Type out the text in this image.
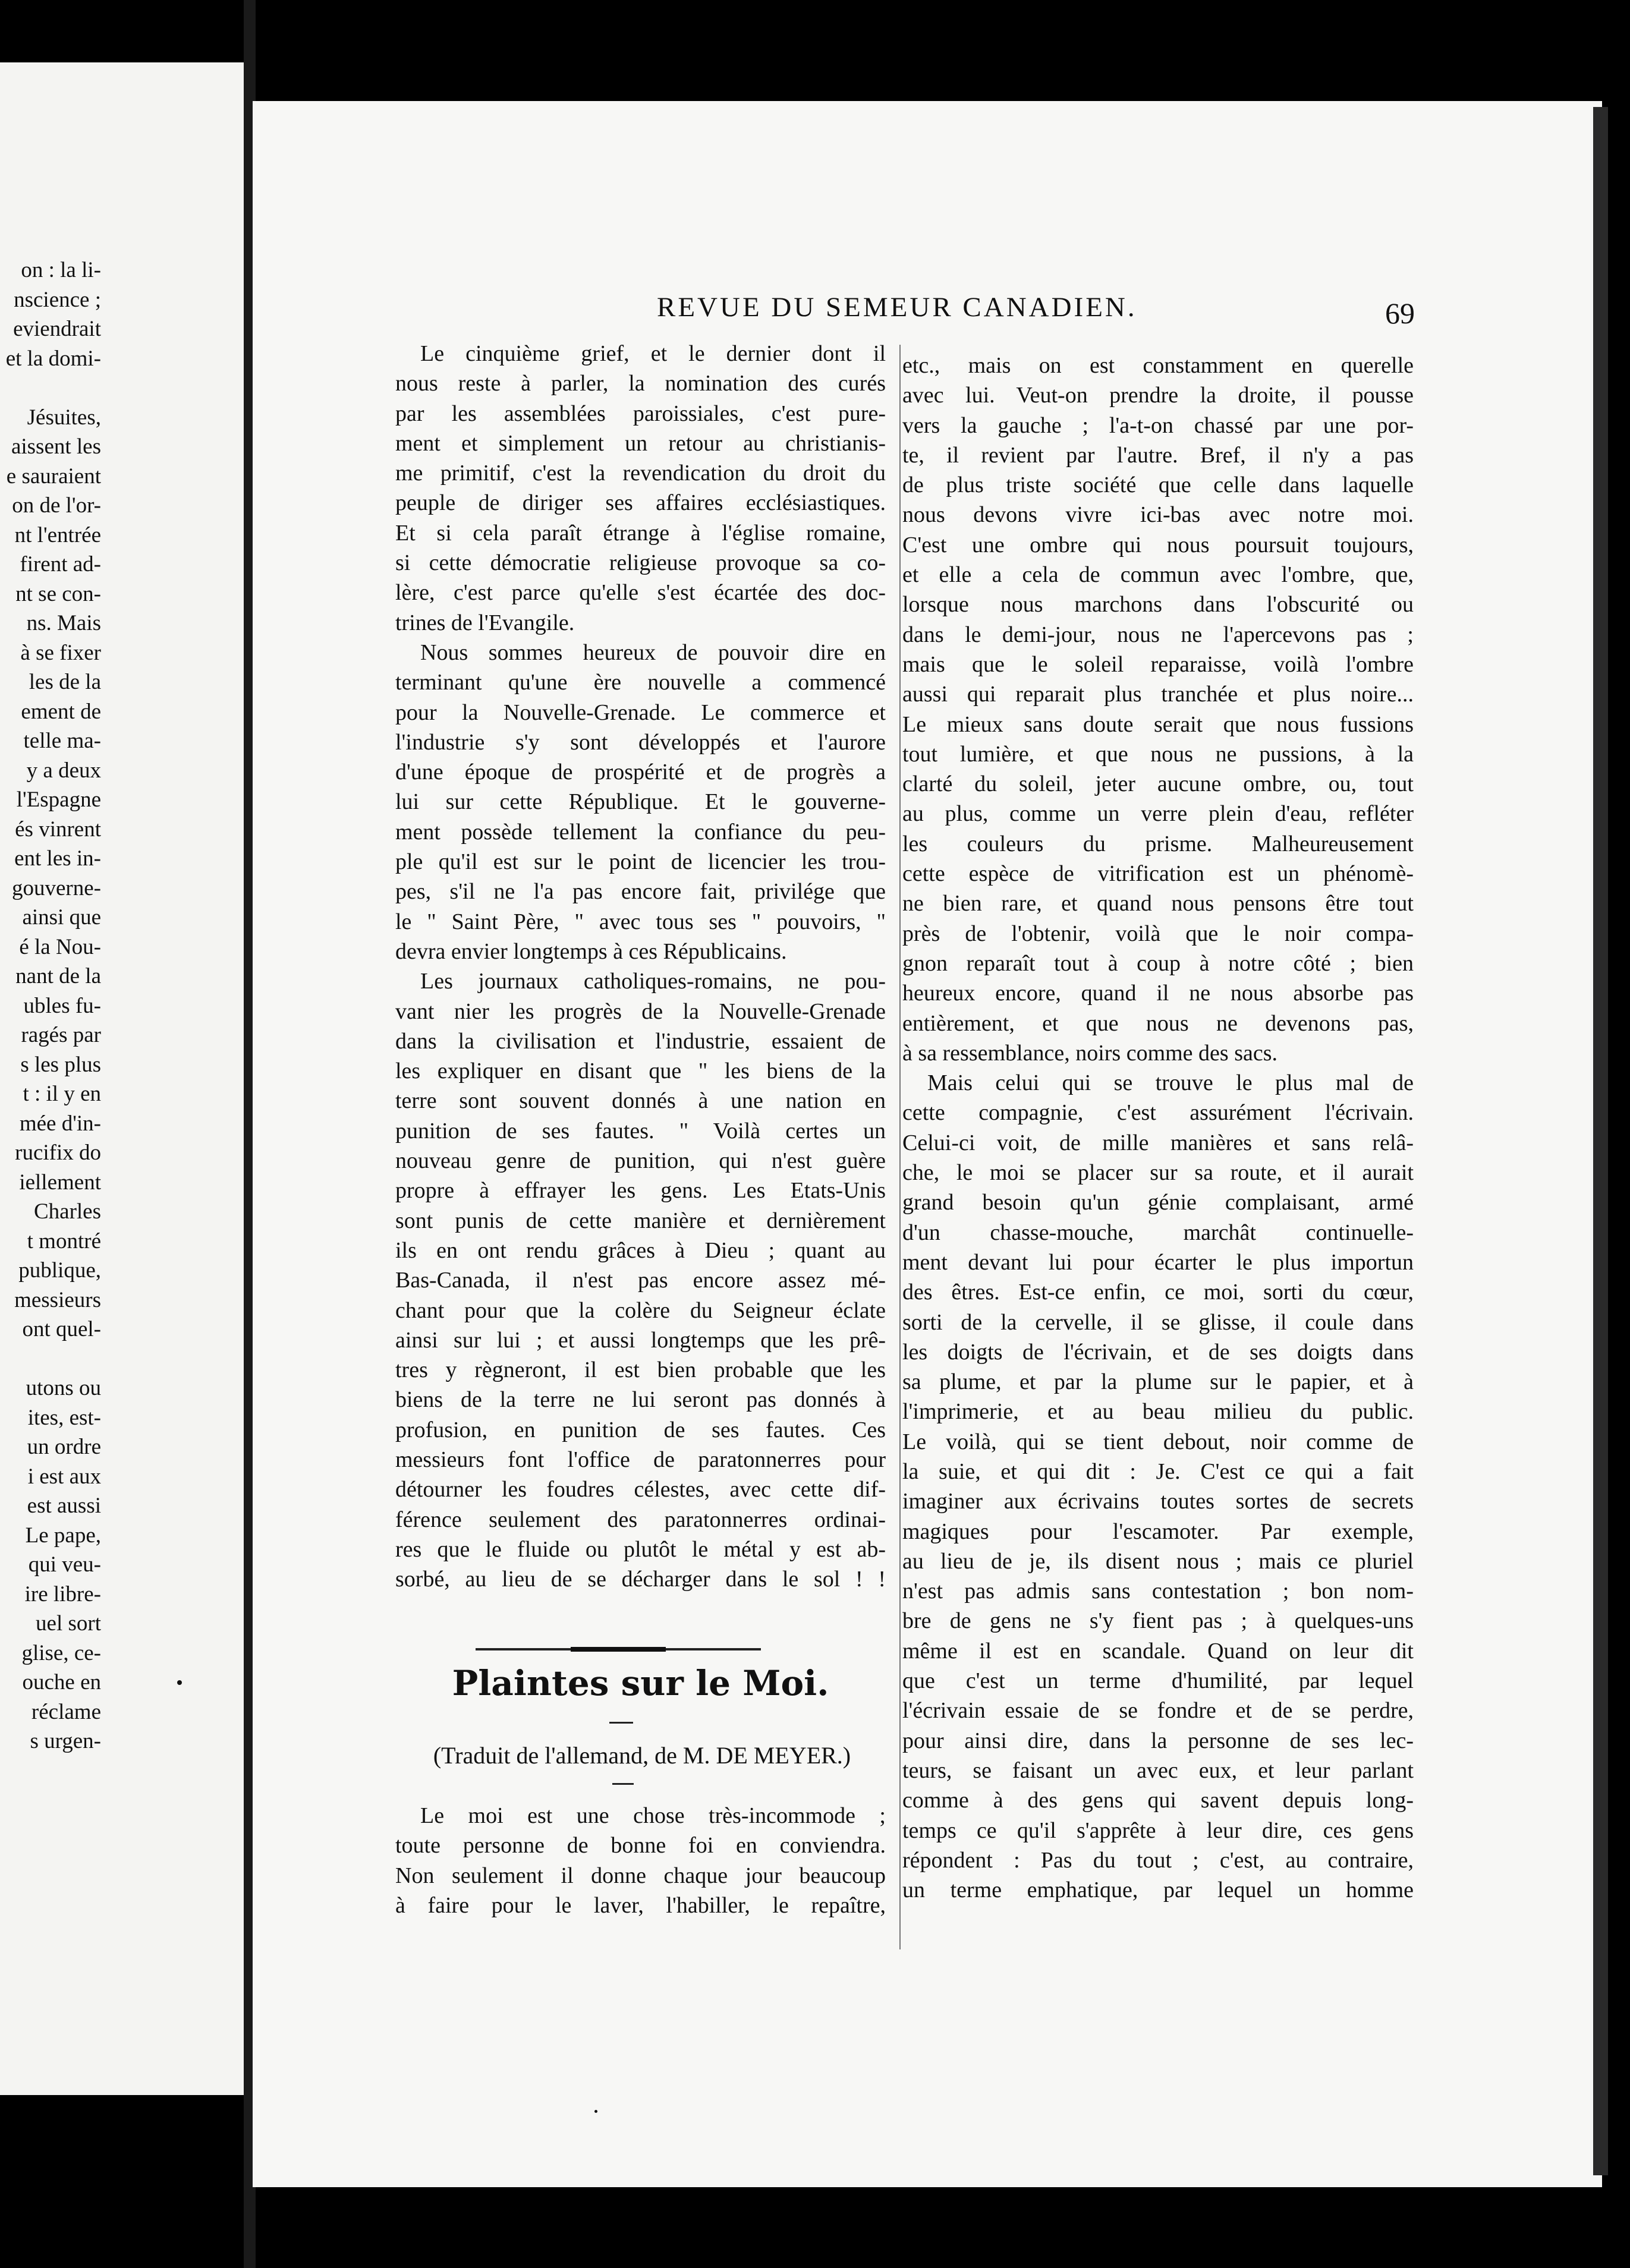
on : la li-
nscience ;
eviendrait
et la domi-

Jésuites,
aissent les
e sauraient
on de l'or-
nt l'entrée
firent ad-
nt se con-
ns. Mais
à se fixer
les de la
ement de
telle ma-
y a deux
l'Espagne
és vinrent
ent les in-
gouverne-
ainsi que
é la Nou-
nant de la
ubles fu-
ragés par
s les plus
t : il y en
mée d'in-
rucifix do
iellement
Charles
t montré
publique,
messieurs
ont quel-

utons ou
ites, est-
un ordre
i est aux
est aussi
Le pape,
qui veu-
ire libre-
uel sort
glise, ce-
ouche en
réclame
s urgen-
REVUE DU SEMEUR CANADIEN.	69
Le cinquième grief, et le dernier dont il
nous reste à parler, la nomination des curés
par les assemblées paroissiales, c'est pure-
ment et simplement un retour au christianis-
me primitif, c'est la revendication du droit du
peuple de diriger ses affaires ecclésiastiques.
Et si cela paraît étrange à l'église romaine,
si cette démocratie religieuse provoque sa co-
lère, c'est parce qu'elle s'est écartée des doc-
trines de l'Evangile.
Nous sommes heureux de pouvoir dire en
terminant qu'une ère nouvelle a commencé
pour la Nouvelle-Grenade. Le commerce et
l'industrie s'y sont développés et l'aurore
d'une époque de prospérité et de progrès a
lui sur cette République. Et le gouverne-
ment possède tellement la confiance du peu-
ple qu'il est sur le point de licencier les trou-
pes, s'il ne l'a pas encore fait, privilége que
le " Saint Père, " avec tous ses " pouvoirs, "
devra envier longtemps à ces Républicains.
Les journaux catholiques-romains, ne pou-
vant nier les progrès de la Nouvelle-Grenade
dans la civilisation et l'industrie, essaient de
les expliquer en disant que " les biens de la
terre sont souvent donnés à une nation en
punition de ses fautes. " Voilà certes un
nouveau genre de punition, qui n'est guère
propre à effrayer les gens. Les Etats-Unis
sont punis de cette manière et dernièrement
ils en ont rendu grâces à Dieu ; quant au
Bas-Canada, il n'est pas encore assez mé-
chant pour que la colère du Seigneur éclate
ainsi sur lui ; et aussi longtemps que les prê-
tres y règneront, il est bien probable que les
biens de la terre ne lui seront pas donnés à
profusion, en punition de ses fautes. Ces
messieurs font l'office de paratonnerres pour
détourner les foudres célestes, avec cette dif-
férence seulement des paratonnerres ordinai-
res que le fluide ou plutôt le métal y est ab-
sorbé, au lieu de se décharger dans le sol ! !
etc., mais on est constamment en querelle
avec lui. Veut-on prendre la droite, il pousse
vers la gauche ; l'a-t-on chassé par une por-
te, il revient par l'autre. Bref, il n'y a pas
de plus triste société que celle dans laquelle
nous devons vivre ici-bas avec notre moi.
C'est une ombre qui nous poursuit toujours,
et elle a cela de commun avec l'ombre, que,
lorsque nous marchons dans l'obscurité ou
dans le demi-jour, nous ne l'apercevons pas ;
mais que le soleil reparaisse, voilà l'ombre
aussi qui reparait plus tranchée et plus noire...
Le mieux sans doute serait que nous fussions
tout lumière, et que nous ne pussions, à la
clarté du soleil, jeter aucune ombre, ou, tout
au plus, comme un verre plein d'eau, refléter
les couleurs du prisme. Malheureusement
cette espèce de vitrification est un phénomè-
ne bien rare, et quand nous pensons être tout
près de l'obtenir, voilà que le noir compa-
gnon reparaît tout à coup à notre côté ; bien
heureux encore, quand il ne nous absorbe pas
entièrement, et que nous ne devenons pas,
à sa ressemblance, noirs comme des sacs.
Mais celui qui se trouve le plus mal de
cette compagnie, c'est assurément l'écrivain.
Celui-ci voit, de mille manières et sans relâ-
che, le moi se placer sur sa route, et il aurait
grand besoin qu'un génie complaisant, armé
d'un chasse-mouche, marchât continuelle-
ment devant lui pour écarter le plus importun
des êtres. Est-ce enfin, ce moi, sorti du cœur,
sorti de la cervelle, il se glisse, il coule dans
les doigts de l'écrivain, et de ses doigts dans
sa plume, et par la plume sur le papier, et à
l'imprimerie, et au beau milieu du public.
Le voilà, qui se tient debout, noir comme de
la suie, et qui dit : Je. C'est ce qui a fait
imaginer aux écrivains toutes sortes de secrets
magiques pour l'escamoter. Par exemple,
au lieu de je, ils disent nous ; mais ce pluriel
n'est pas admis sans contestation ; bon nom-
bre de gens ne s'y fient pas ; à quelques-uns
même il est en scandale. Quand on leur dit
que c'est un terme d'humilité, par lequel
l'écrivain essaie de se fondre et de se perdre,
pour ainsi dire, dans la personne de ses lec-
teurs, se faisant un avec eux, et leur parlant
comme à des gens qui savent depuis long-
temps ce qu'il s'apprête à leur dire, ces gens
répondent : Pas du tout ; c'est, au contraire,
un terme emphatique, par lequel un homme
Plaintes sur le Moi.
(Traduit de l'allemand, de M. DE MEYER.)
Le moi est une chose très-incommode ;
toute personne de bonne foi en conviendra.
Non seulement il donne chaque jour beaucoup
à faire pour le laver, l'habiller, le repaître,
